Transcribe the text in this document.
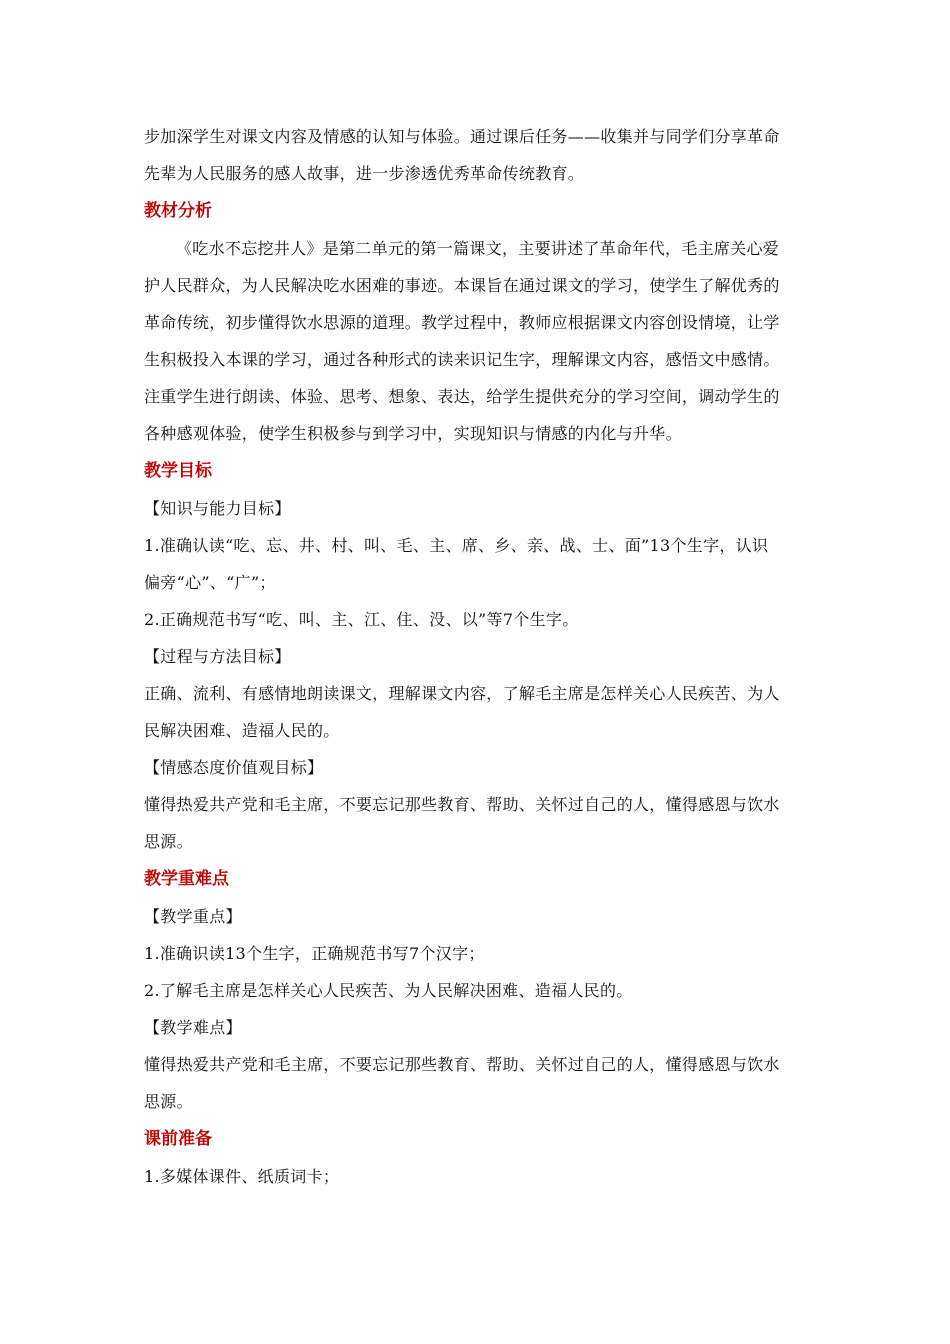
步加深学生对课文内容及情感的认知与体验。通过课后任务——收集并与同学们分享革命
先辈为人民服务的感人故事，进一步渗透优秀革命传统教育。
教材分析
《吃水不忘挖井人》是第二单元的第一篇课文，主要讲述了革命年代，毛主席关心爱
护人民群众，为人民解决吃水困难的事迹。本课旨在通过课文的学习，使学生了解优秀的
革命传统，初步懂得饮水思源的道理。教学过程中，教师应根据课文内容创设情境，让学
生积极投入本课的学习，通过各种形式的读来识记生字，理解课文内容，感悟文中感情。
注重学生进行朗读、体验、思考、想象、表达，给学生提供充分的学习空间，调动学生的
各种感观体验，使学生积极参与到学习中，实现知识与情感的内化与升华。
教学目标
【知识与能力目标】
1.准确认读“吃、忘、井、村、叫、毛、主、席、乡、亲、战、士、面”13个生字，认识
偏旁“心”、“广”；
2.正确规范书写“吃、叫、主、江、住、没、以”等7个生字。
【过程与方法目标】
正确、流利、有感情地朗读课文，理解课文内容，了解毛主席是怎样关心人民疾苦、为人
民解决困难、造福人民的。
【情感态度价值观目标】
懂得热爱共产党和毛主席，不要忘记那些教育、帮助、关怀过自己的人，懂得感恩与饮水
思源。
教学重难点
【教学重点】
1.准确识读13个生字，正确规范书写7个汉字；
2.了解毛主席是怎样关心人民疾苦、为人民解决困难、造福人民的。
【教学难点】
懂得热爱共产党和毛主席，不要忘记那些教育、帮助、关怀过自己的人，懂得感恩与饮水
思源。
课前准备
1.多媒体课件、纸质词卡；
